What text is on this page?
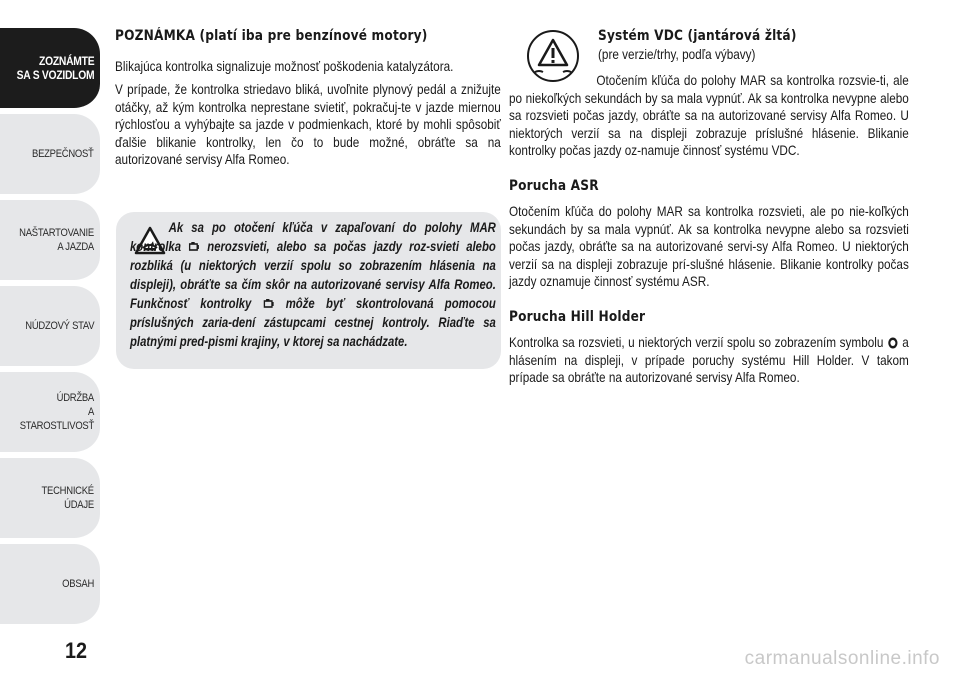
ZOZNÁMTE
SA S VOZIDLOM
BEZPEČNOSŤ
NAŠTARTOVANIE
A JAZDA
NÚDZOVÝ STAV
ÚDRŽBA
A STAROSTLIVOSŤ
TECHNICKÉ
ÚDAJE
OBSAH
12
POZNÁMKA (platí iba pre benzínové motory)

Blikajúca kontrolka signalizuje možnosť poškodenia katalyzátora.

V prípade, že kontrolka striedavo bliká, uvoľnite plynový pedál a znižujte otáčky, až kým kontrolka neprestane svietiť, pokračuj-te v jazde miernou rýchlosťou a vyhýbajte sa jazde v podmienkach, ktoré by mohli spôsobiť ďalšie blikanie kontrolky, len čo to bude možné, obráťte sa na autorizované servisy Alfa Romeo.

Ak sa po otočení kľúča v zapaľovaní do polohy MAR kontrolka nerozsvieti, alebo sa počas jazdy roz-svieti alebo rozbliká (u niektorých verzií spolu so zobrazením hlásenia na displeji), obráťte sa čím skôr na autorizované servisy Alfa Romeo. Funkčnosť kontrolky	môže byť skontrolovaná pomocou príslušných zaria-dení zástupcami cestnej kontroly. Riaďte sa platnými pred-pismi krajiny, v ktorej sa nachádzate.
Systém VDC (jantárová žltá)
(pre verzie/trhy, podľa výbavy)

Otočením kľúča do polohy MAR sa kontrolka rozsvie-ti, ale po niekoľkých sekundách by sa mala vypnúť. Ak sa kontrolka nevypne alebo sa rozsvieti počas jazdy, obráťte sa na autorizované servisy Alfa Romeo. U niektorých verzií sa na displeji zobrazuje príslušné hlásenie. Blikanie kontrolky počas jazdy oz-namuje činnosť systému VDC.

Porucha ASR

Otočením kľúča do polohy MAR sa kontrolka rozsvieti, ale po nie-koľkých sekundách by sa mala vypnúť. Ak sa kontrolka nevypne alebo sa rozsvieti počas jazdy, obráťte sa na autorizované servi-sy Alfa Romeo. U niektorých verzií sa na displeji zobrazuje prí-slušné hlásenie. Blikanie kontrolky počas jazdy oznamuje činnosť systému ASR.

Porucha Hill Holder

Kontrolka sa rozsvieti, u niektorých verzií spolu so zobrazením symbolu a hlásením na displeji, v prípade poruchy systému Hill Holder. V takom prípade sa obráťte na autorizované servisy Alfa Romeo.

carmanualsonline.info
